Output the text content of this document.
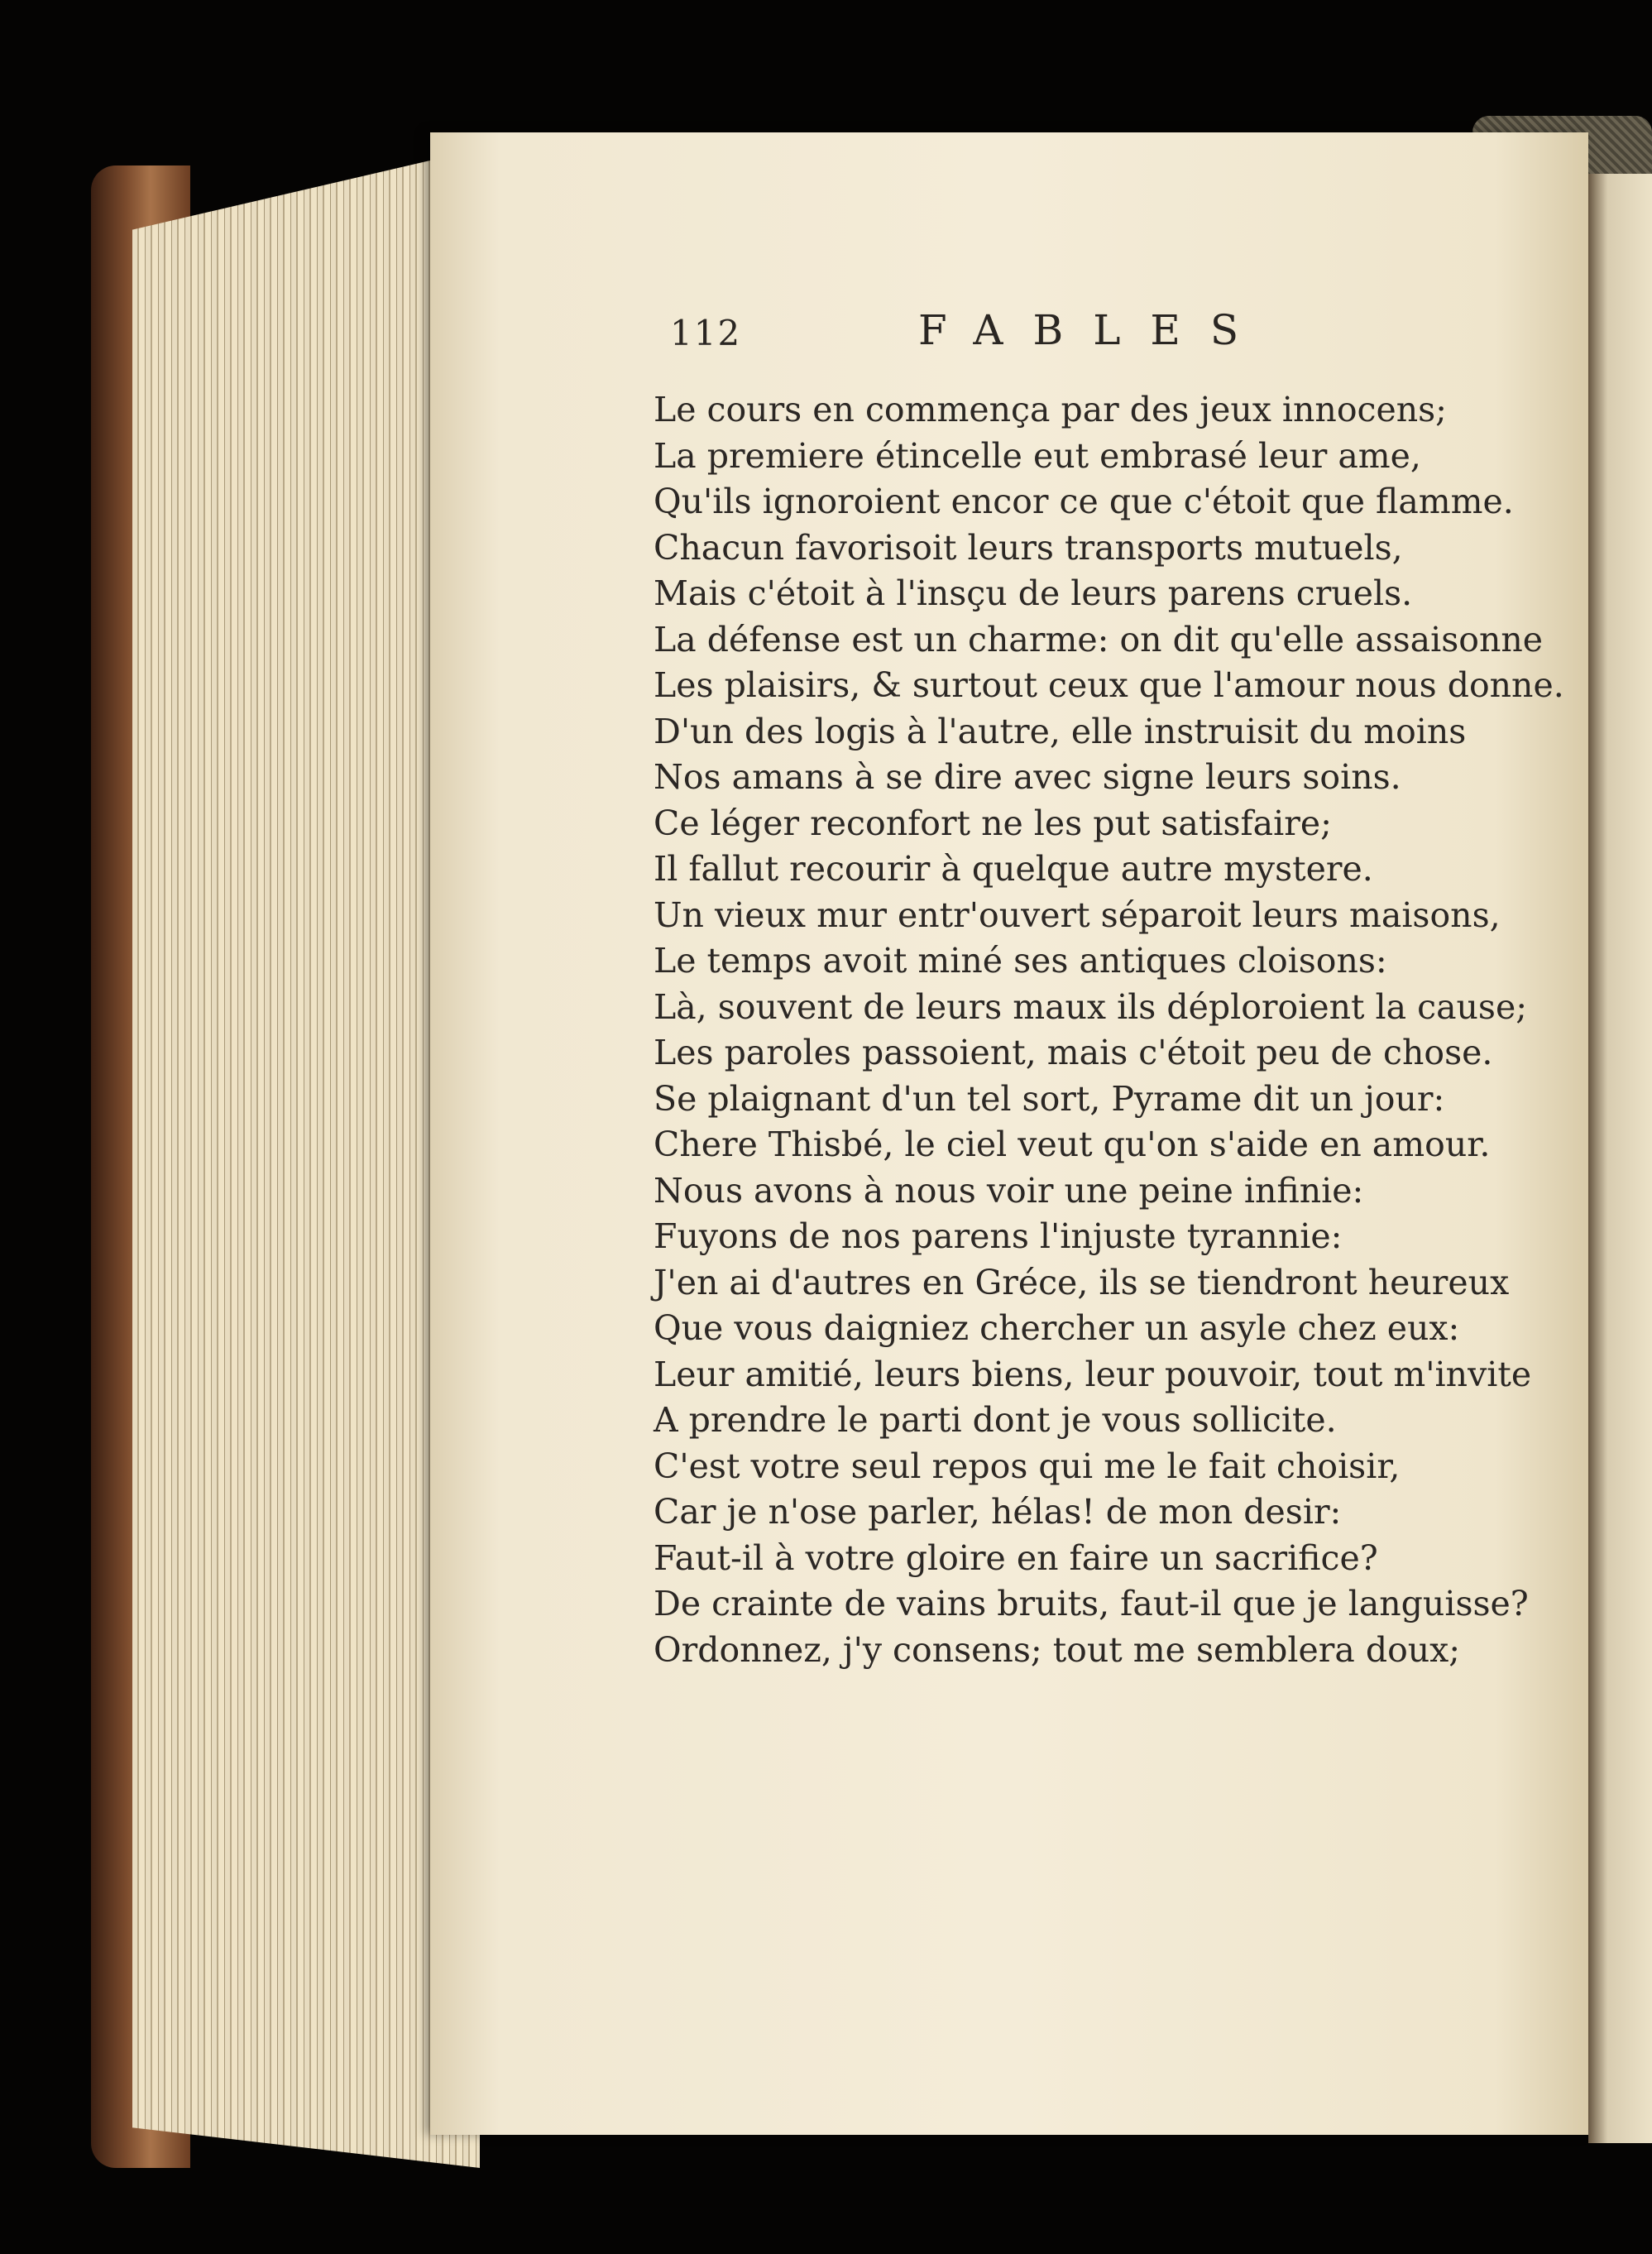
112	FABLES
Le cours en commença par des jeux innocens;
La premiere étincelle eut embrasé leur ame,
Qu'ils ignoroient encor ce que c'étoit que flamme.
Chacun favorisoit leurs transports mutuels,
Mais c'étoit à l'insçu de leurs parens cruels.
La défense est un charme: on dit qu'elle assaisonne
Les plaisirs, & surtout ceux que l'amour nous donne.
D'un des logis à l'autre, elle instruisit du moins
Nos amans à se dire avec signe leurs soins.
Ce léger reconfort ne les put satisfaire;
Il fallut recourir à quelque autre mystere.
Un vieux mur entr'ouvert séparoit leurs maisons,
Le temps avoit miné ses antiques cloisons:
Là, souvent de leurs maux ils déploroient la cause;
Les paroles passoient, mais c'étoit peu de chose.
Se plaignant d'un tel sort, Pyrame dit un jour:
Chere Thisbé, le ciel veut qu'on s'aide en amour.
Nous avons à nous voir une peine infinie:
Fuyons de nos parens l'injuste tyrannie:
J'en ai d'autres en Gréce, ils se tiendront heureux
Que vous daigniez chercher un asyle chez eux:
Leur amitié, leurs biens, leur pouvoir, tout m'invite
A prendre le parti dont je vous sollicite.
C'est votre seul repos qui me le fait choisir,
Car je n'ose parler, hélas! de mon desir:
Faut-il à votre gloire en faire un sacrifice?
De crainte de vains bruits, faut-il que je languisse?
Ordonnez, j'y consens; tout me semblera doux;
